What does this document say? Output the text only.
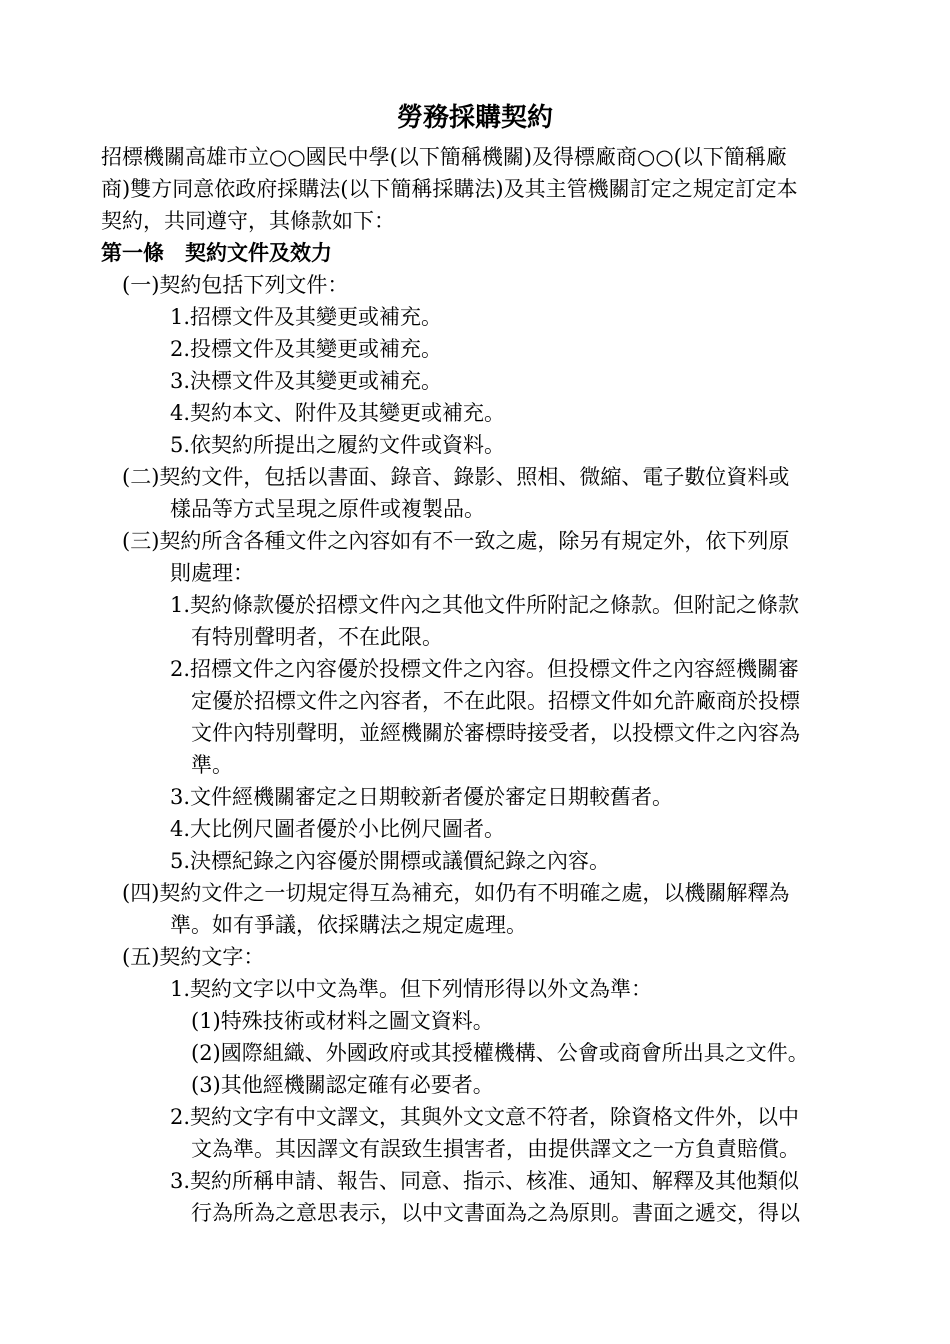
勞務採購契約
招標機關高雄市立○○國民中學(以下簡稱機關)及得標廠商○○(以下簡稱廠
商)雙方同意依政府採購法(以下簡稱採購法)及其主管機關訂定之規定訂定本
契約，共同遵守，其條款如下：
第一條　契約文件及效力
(一)契約包括下列文件：
1.招標文件及其變更或補充。
2.投標文件及其變更或補充。
3.決標文件及其變更或補充。
4.契約本文、附件及其變更或補充。
5.依契約所提出之履約文件或資料。
(二)契約文件，包括以書面、錄音、錄影、照相、微縮、電子數位資料或
樣品等方式呈現之原件或複製品。
(三)契約所含各種文件之內容如有不一致之處，除另有規定外，依下列原
則處理：
1.契約條款優於招標文件內之其他文件所附記之條款。但附記之條款
有特別聲明者，不在此限。
2.招標文件之內容優於投標文件之內容。但投標文件之內容經機關審
定優於招標文件之內容者，不在此限。招標文件如允許廠商於投標
文件內特別聲明，並經機關於審標時接受者，以投標文件之內容為
準。
3.文件經機關審定之日期較新者優於審定日期較舊者。
4.大比例尺圖者優於小比例尺圖者。
5.決標紀錄之內容優於開標或議價紀錄之內容。
(四)契約文件之一切規定得互為補充，如仍有不明確之處，以機關解釋為
準。如有爭議，依採購法之規定處理。
(五)契約文字：
1.契約文字以中文為準。但下列情形得以外文為準：
(1)特殊技術或材料之圖文資料。
(2)國際組織、外國政府或其授權機構、公會或商會所出具之文件。
(3)其他經機關認定確有必要者。
2.契約文字有中文譯文，其與外文文意不符者，除資格文件外，以中
文為準。其因譯文有誤致生損害者，由提供譯文之一方負責賠償。
3.契約所稱申請、報告、同意、指示、核准、通知、解釋及其他類似
行為所為之意思表示，以中文書面為之為原則。書面之遞交，得以
